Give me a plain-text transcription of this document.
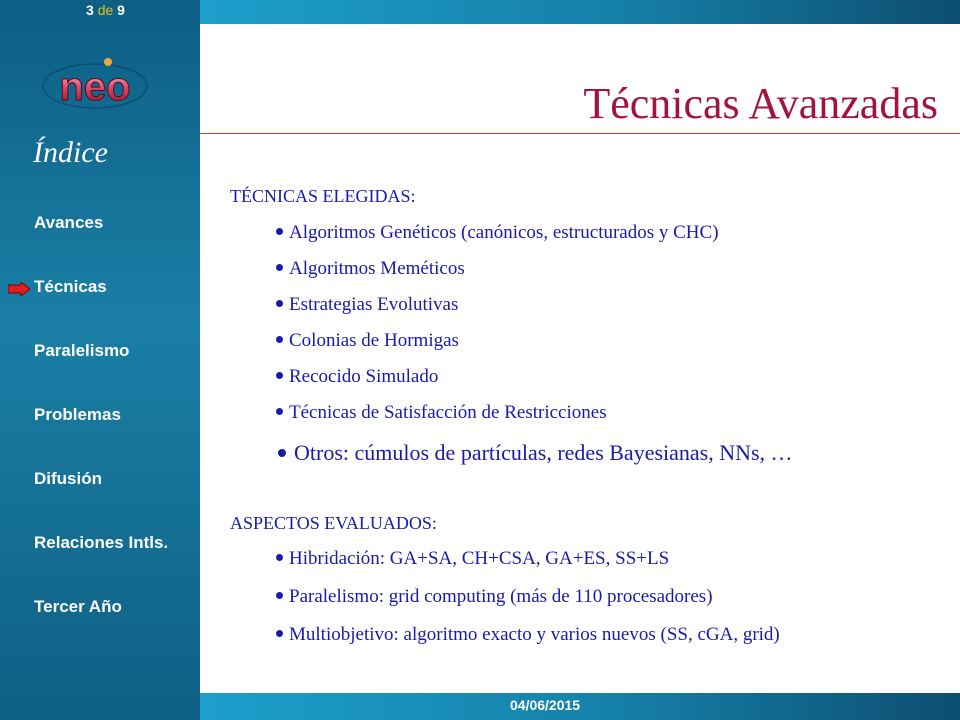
3 de 9
neo
Índice
Avances
Técnicas
Paralelismo
Problemas
Difusión
Relaciones Intls.
Tercer Año
Técnicas Avanzadas
TÉCNICAS ELEGIDAS:
Algoritmos Genéticos (canónicos, estructurados y CHC)
Algoritmos Meméticos
Estrategias Evolutivas
Colonias de Hormigas
Recocido Simulado
Técnicas de Satisfacción de Restricciones
Otros: cúmulos de partículas, redes Bayesianas, NNs, …
ASPECTOS EVALUADOS:
Hibridación: GA+SA, CH+CSA, GA+ES, SS+LS
Paralelismo: grid computing (más de 110 procesadores)
Multiobjetivo: algoritmo exacto y varios nuevos (SS, cGA, grid)
04/06/2015
